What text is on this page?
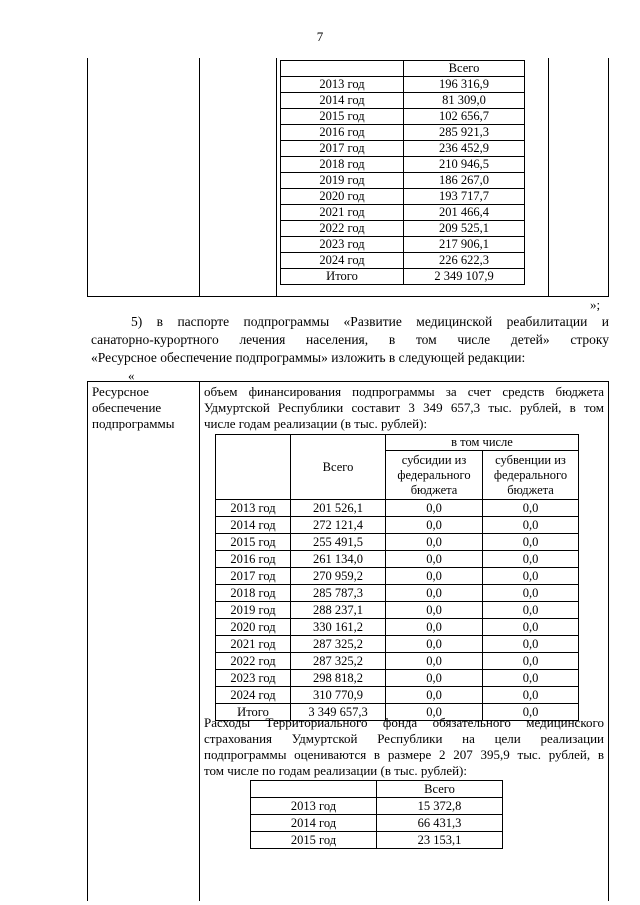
7
	Всего
2013 год	196 316,9
2014 год	81 309,0
2015 год	102 656,7
2016 год	285 921,3
2017 год	236 452,9
2018 год	210 946,5
2019 год	186 267,0
2020 год	193 717,7
2021 год	201 466,4
2022 год	209 525,1
2023 год	217 906,1
2024 год	226 622,3
Итого	2 349 107,9
»;
5) в паспорте подпрограммы «Развитие медицинской реабилитации и
санаторно-курортного лечения населения, в том числе детей» строку
«Ресурсное обеспечение подпрограммы» изложить в следующей редакции:
«
Ресурсное
обеспечение
подпрограммы
объем финансирования подпрограммы за счет средств бюджета
Удмуртской Республики составит 3 349 657,3 тыс. рублей, в том
числе годам реализации (в тыс. рублей):
	Всего	в том числе	
		субсидии из федерального бюджета	субвенции из федерального бюджета
2013 год	201 526,1	0,0	0,0
2014 год	272 121,4	0,0	0,0
2015 год	255 491,5	0,0	0,0
2016 год	261 134,0	0,0	0,0
2017 год	270 959,2	0,0	0,0
2018 год	285 787,3	0,0	0,0
2019 год	288 237,1	0,0	0,0
2020 год	330 161,2	0,0	0,0
2021 год	287 325,2	0,0	0,0
2022 год	287 325,2	0,0	0,0
2023 год	298 818,2	0,0	0,0
2024 год	310 770,9	0,0	0,0
Итого	3 349 657,3	0,0	0,0
Расходы Территориального фонда обязательного медицинского
страхования Удмуртской Республики на цели реализации
подпрограммы оцениваются в размере 2 207 395,9 тыс. рублей, в
том числе по годам реализации (в тыс. рублей):
	Всего
2013 год	15 372,8
2014 год	66 431,3
2015 год	23 153,1
